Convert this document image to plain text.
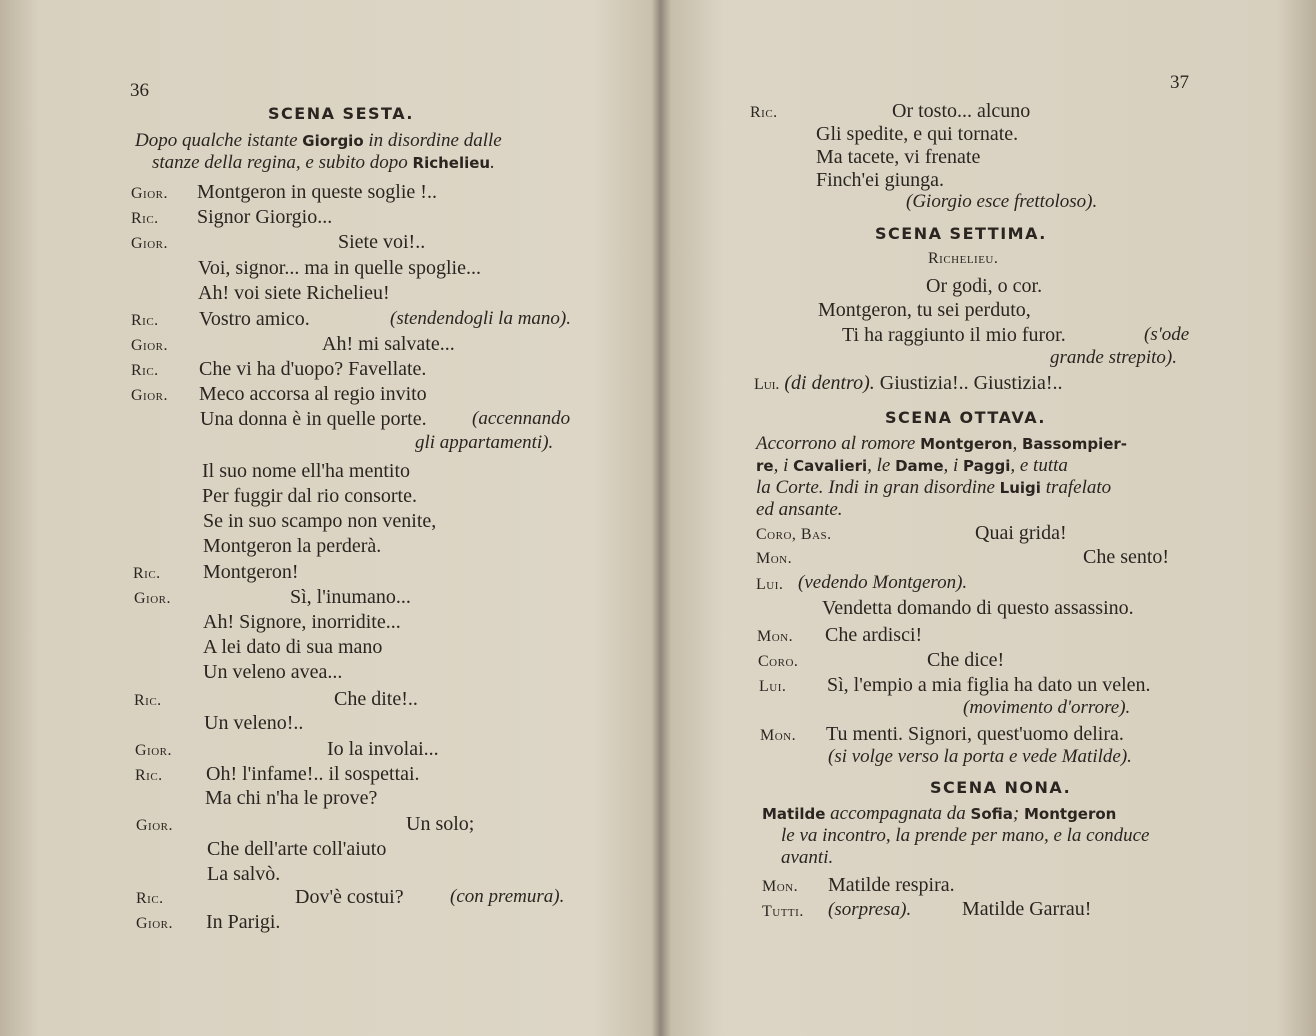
36
SCENA SESTA.
Dopo qualche istante Giorgio in disordine dalle
stanze della regina, e subito dopo Richelieu.
Gior. Montgeron in queste soglie !..
Ric. Signor Giorgio...
Gior.	Siete voi!..
Voi, signor... ma in quelle spoglie...
Ah! voi siete Richelieu!
Ric. Vostro amico.	(stendendogli la mano).
Gior.	Ah! mi salvate...
Ric. Che vi ha d'uopo? Favellate.
Gior. Meco accorsa al regio invito
Una donna è in quelle porte. (accennando
gli appartamenti).
Il suo nome ell'ha mentito
Per fuggir dal rio consorte.
Se in suo scampo non venite,
Montgeron la perderà.
Ric. Montgeron!
Gior.	Sì, l'inumano...
Ah! Signore, inorridite...
A lei dato di sua mano
Un veleno avea...
Ric.	Che dite!..
Un veleno!..
Gior.	Io la involai...
Ric. Oh! l'infame!.. il sospettai.
Ma chi n'ha le prove?
Gior.	Un solo;
Che dell'arte coll'aiuto
La salvò.
Ric.	Dov'è costui? (con premura).
Gior. In Parigi.
37
Ric.	Or tosto... alcuno
Gli spedite, e qui tornate.
Ma tacete, vi frenate
Finch'ei giunga.
(Giorgio esce frettoloso).
SCENA SETTIMA.
Richelieu.
Or godi, o cor.
Montgeron, tu sei perduto,
Ti ha raggiunto il mio furor.	(s'ode
grande strepito).
Lui. (di dentro). Giustizia!.. Giustizia!..
SCENA OTTAVA.
Accorrono al romore Montgeron, Bassompier-
re, i Cavalieri, le Dame, i Paggi, e tutta
la Corte. Indi in gran disordine Luigi trafelato
ed ansante.
Coro, Bas.	Quai grida!
Mon.	Che sento!
Lui. (vedendo Montgeron).
Vendetta domando di questo assassino.
Mon. Che ardisci!
Coro.	Che dice!
Lui. Sì, l'empio a mia figlia ha dato un velen.
(movimento d'orrore).
Mon. Tu menti. Signori, quest'uomo delira.
(si volge verso la porta e vede Matilde).
SCENA NONA.
Matilde accompagnata da Sofia; Montgeron
le va incontro, la prende per mano, e la conduce
avanti.
Mon. Matilde respira.
Tutti. (sorpresa).	Matilde Garrau!
